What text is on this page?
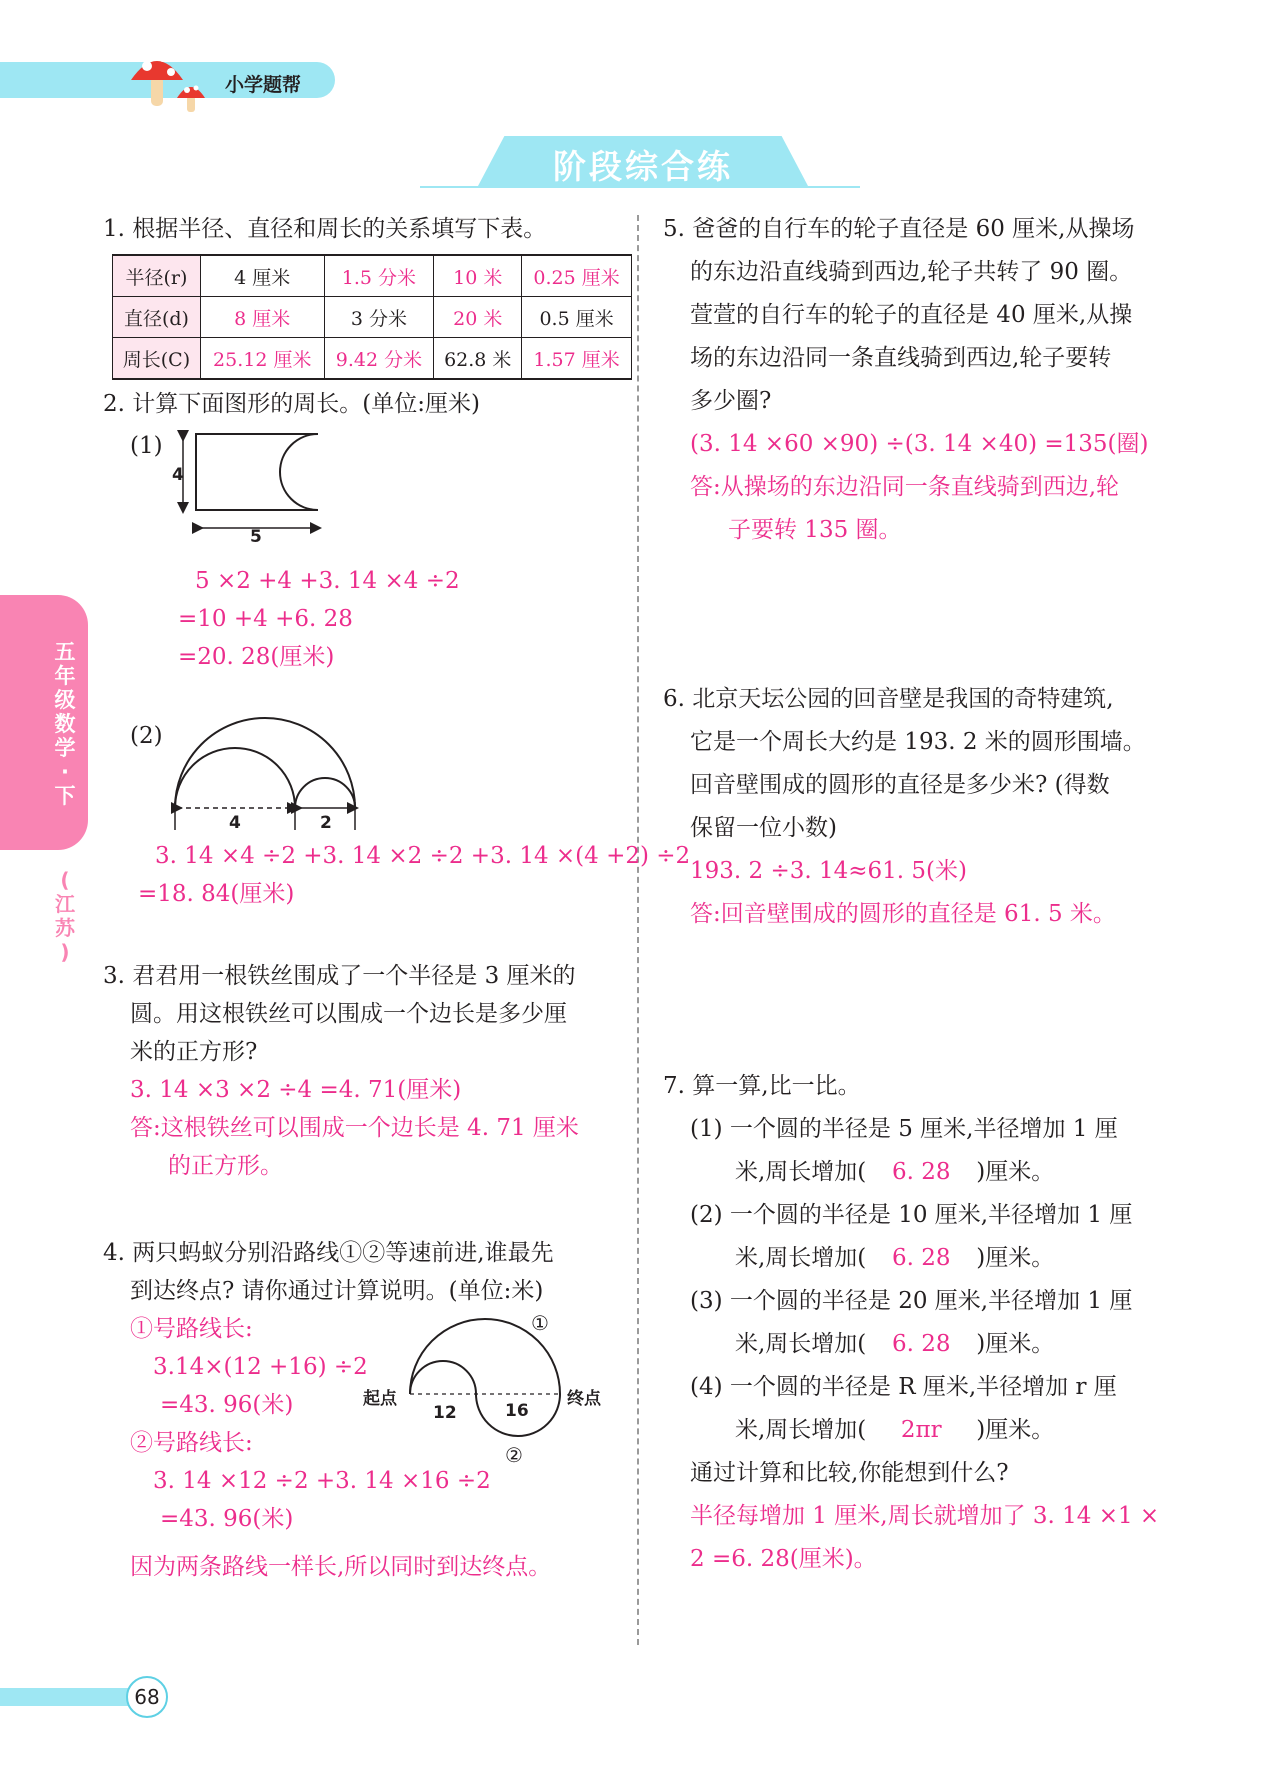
小学题帮
阶段综合练
五
年
级
数
学
·
下
(
江
苏
)
1. 根据半径、直径和周长的关系填写下表。
半径(r)	4 厘米	1.5 分米	10 米	0.25 厘米
直径(d)	8 厘米	3 分米	20 米	0.5 厘米
周长(C)	25.12 厘米	9.42 分米	62.8 米	1.57 厘米
2. 计算下面图形的周长。(单位:厘米)
(1)
4
5
5 ×2 +4 +3. 14 ×4 ÷2
=10 +4 +6. 28
=20. 28(厘米)
(2)
4	2
3. 14 ×4 ÷2 +3. 14 ×2 ÷2 +3. 14 ×(4 +2) ÷2
=18. 84(厘米)
3. 君君用一根铁丝围成了一个半径是 3 厘米的
圆。用这根铁丝可以围成一个边长是多少厘
米的正方形?
3. 14 ×3 ×2 ÷4 =4. 71(厘米)
答:这根铁丝可以围成一个边长是 4. 71 厘米
的正方形。
4. 两只蚂蚁分别沿路线①②等速前进,谁最先
到达终点? 请你通过计算说明。(单位:米)
①号路线长:
3.14×(12 +16) ÷2
=43. 96(米)
②号路线长:
3. 14 ×12 ÷2 +3. 14 ×16 ÷2
=43. 96(米)
因为两条路线一样长,所以同时到达终点。
起点	终点
12	16
①
②
5. 爸爸的自行车的轮子直径是 60 厘米,从操场
的东边沿直线骑到西边,轮子共转了 90 圈。
萱萱的自行车的轮子的直径是 40 厘米,从操
场的东边沿同一条直线骑到西边,轮子要转
多少圈?
(3. 14 ×60 ×90) ÷(3. 14 ×40) =135(圈)
答:从操场的东边沿同一条直线骑到西边,轮
子要转 135 圈。
6. 北京天坛公园的回音壁是我国的奇特建筑,
它是一个周长大约是 193. 2 米的圆形围墙。
回音壁围成的圆形的直径是多少米? (得数
保留一位小数)
193. 2 ÷3. 14≈61. 5(米)
答:回音壁围成的圆形的直径是 61. 5 米。
7. 算一算,比一比。
(1) 一个圆的半径是 5 厘米,半径增加 1 厘
米,周长增加( 6. 28 )厘米。
(2) 一个圆的半径是 10 厘米,半径增加 1 厘
米,周长增加( 6. 28 )厘米。
(3) 一个圆的半径是 20 厘米,半径增加 1 厘
米,周长增加( 6. 28 )厘米。
(4) 一个圆的半径是 R 厘米,半径增加 r 厘
米,周长增加( 2πr )厘米。
通过计算和比较,你能想到什么?
半径每增加 1 厘米,周长就增加了 3. 14 ×1 ×
2 =6. 28(厘米)。
68
